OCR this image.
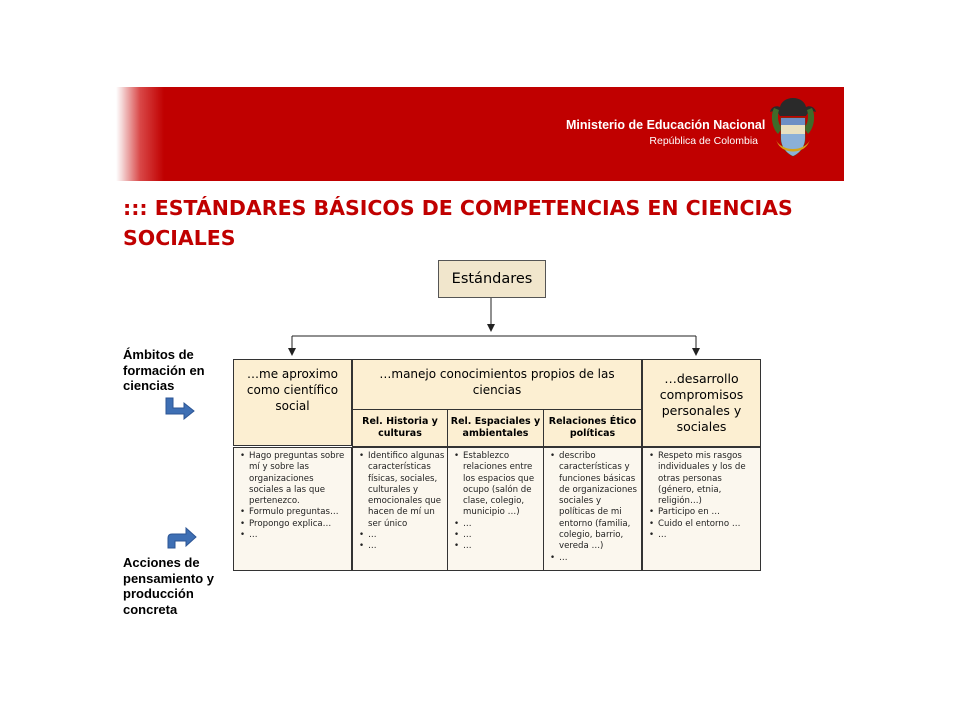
Ministerio de Educación Nacional
República de Colombia
::: ESTÁNDARES BÁSICOS DE COMPETENCIAS EN CIENCIAS SOCIALES
Ámbitos de formación en ciencias
Acciones de pensamiento y producción concreta
Estándares
…me aproximo como científico social
…manejo conocimientos propios de las ciencias
Rel. Historia y culturas
Rel. Espaciales y ambientales
Relaciones Ético políticas
…desarrollo compromisos personales y sociales
• Hago preguntas sobre mí y sobre las organizaciones sociales a las que pertenezco.
• Formulo preguntas…
• Propongo explica…
• …
• Identifico algunas características físicas, sociales, culturales y emocionales que hacen de mí un ser único
• …
• …
• Establezco relaciones entre los espacios que ocupo (salón de clase, colegio, municipio …)
• …
• …
• …
• describo características y funciones básicas de organizaciones sociales y políticas de mi entorno (familia, colegio, barrio, vereda …)
• …
• Respeto mis rasgos individuales y los de otras personas (género, etnia, religión…)
• Participo en …
• Cuido el entorno …
• …
